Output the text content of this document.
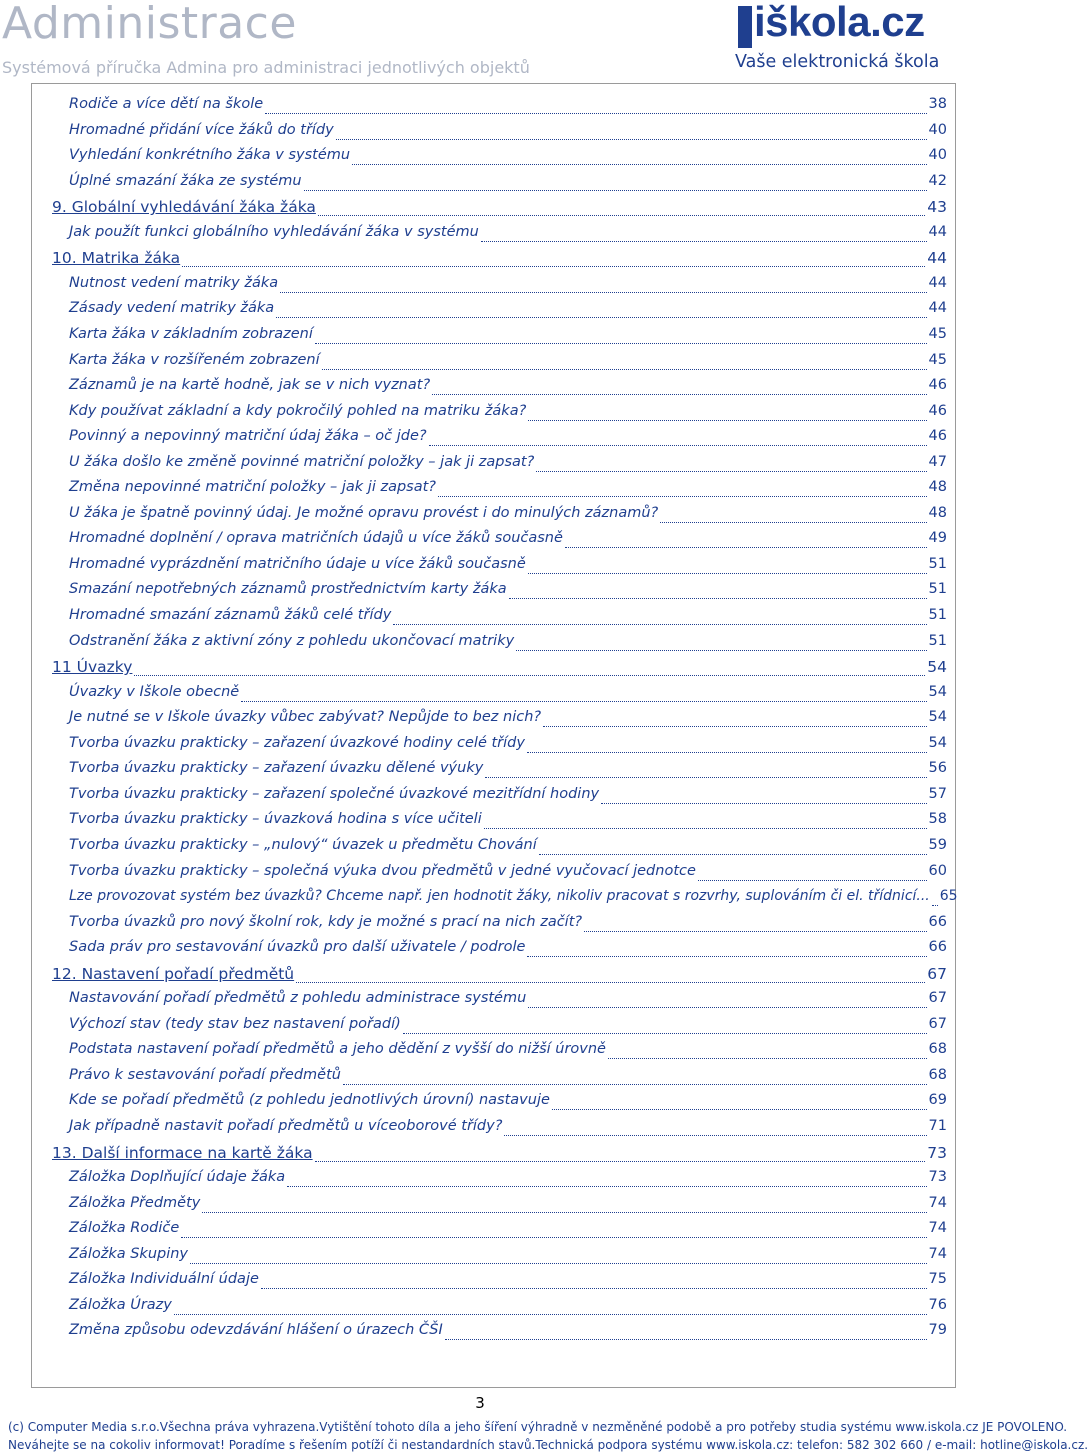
Administrace
Systémová příručka Admina pro administraci jednotlivých objektů
iškola.cz
Vaše elektronická škola
Rodiče a více dětí na škole	38
Hromadné přidání více žáků do třídy	40
Vyhledání konkrétního žáka v systému	40
Úplné smazání žáka ze systému	42
9. Globální vyhledávání žáka žáka	43
Jak použít funkci globálního vyhledávání žáka v systému	44
10. Matrika žáka	44
Nutnost vedení matriky žáka	44
Zásady vedení matriky žáka	44
Karta žáka v základním zobrazení	45
Karta žáka v rozšířeném zobrazení	45
Záznamů je na kartě hodně, jak se v nich vyznat?	46
Kdy používat základní a kdy pokročilý pohled na matriku žáka?	46
Povinný a nepovinný matriční údaj žáka – oč jde?	46
U žáka došlo ke změně povinné matriční položky – jak ji zapsat?	47
Změna nepovinné matriční položky – jak ji zapsat?	48
U žáka je špatně povinný údaj. Je možné opravu provést i do minulých záznamů?	48
Hromadné doplnění / oprava matričních údajů u více žáků současně	49
Hromadné vyprázdnění matričního údaje u více žáků současně	51
Smazání nepotřebných záznamů prostřednictvím karty žáka	51
Hromadné smazání záznamů žáků celé třídy	51
Odstranění žáka z aktivní zóny z pohledu ukončovací matriky	51
11 Úvazky	54
Úvazky v Iškole obecně	54
Je nutné se v Iškole úvazky vůbec zabývat? Nepůjde to bez nich?	54
Tvorba úvazku prakticky – zařazení úvazkové hodiny celé třídy	54
Tvorba úvazku prakticky – zařazení úvazku dělené výuky	56
Tvorba úvazku prakticky – zařazení společné úvazkové mezitřídní hodiny	57
Tvorba úvazku prakticky – úvazková hodina s více učiteli	58
Tvorba úvazku prakticky – „nulový“ úvazek u předmětu Chování	59
Tvorba úvazku prakticky – společná výuka dvou předmětů v jedné vyučovací jednotce	60
Lze provozovat systém bez úvazků? Chceme např. jen hodnotit žáky, nikoliv pracovat s rozvrhy, suplováním či el. třídnicí... 65
Tvorba úvazků pro nový školní rok, kdy je možné s prací na nich začít?	66
Sada práv pro sestavování úvazků pro další uživatele / podrole	66
12. Nastavení pořadí předmětů	67
Nastavování pořadí předmětů z pohledu administrace systému	67
Výchozí stav (tedy stav bez nastavení pořadí)	67
Podstata nastavení pořadí předmětů a jeho dědění z vyšší do nižší úrovně	68
Právo k sestavování pořadí předmětů	68
Kde se pořadí předmětů (z pohledu jednotlivých úrovní) nastavuje	69
Jak případně nastavit pořadí předmětů u víceoborové třídy?	71
13. Další informace na kartě žáka	73
Záložka Doplňující údaje žáka	73
Záložka Předměty	74
Záložka Rodiče	74
Záložka Skupiny	74
Záložka Individuální údaje	75
Záložka Úrazy	76
Změna způsobu odevzdávání hlášení o úrazech ČŠI	79
3
(c) Computer Media s.r.o.Všechna práva vyhrazena.Vytištění tohoto díla a jeho šíření výhradně v nezměněné podobě a pro potřeby studia systému www.iskola.cz JE POVOLENO.
Neváhejte se na cokoliv informovat! Poradíme s řešením potíží či nestandardních stavů.Technická podpora systému www.iskola.cz: telefon: 582 302 660 / e-mail: hotline@iskola.cz.
